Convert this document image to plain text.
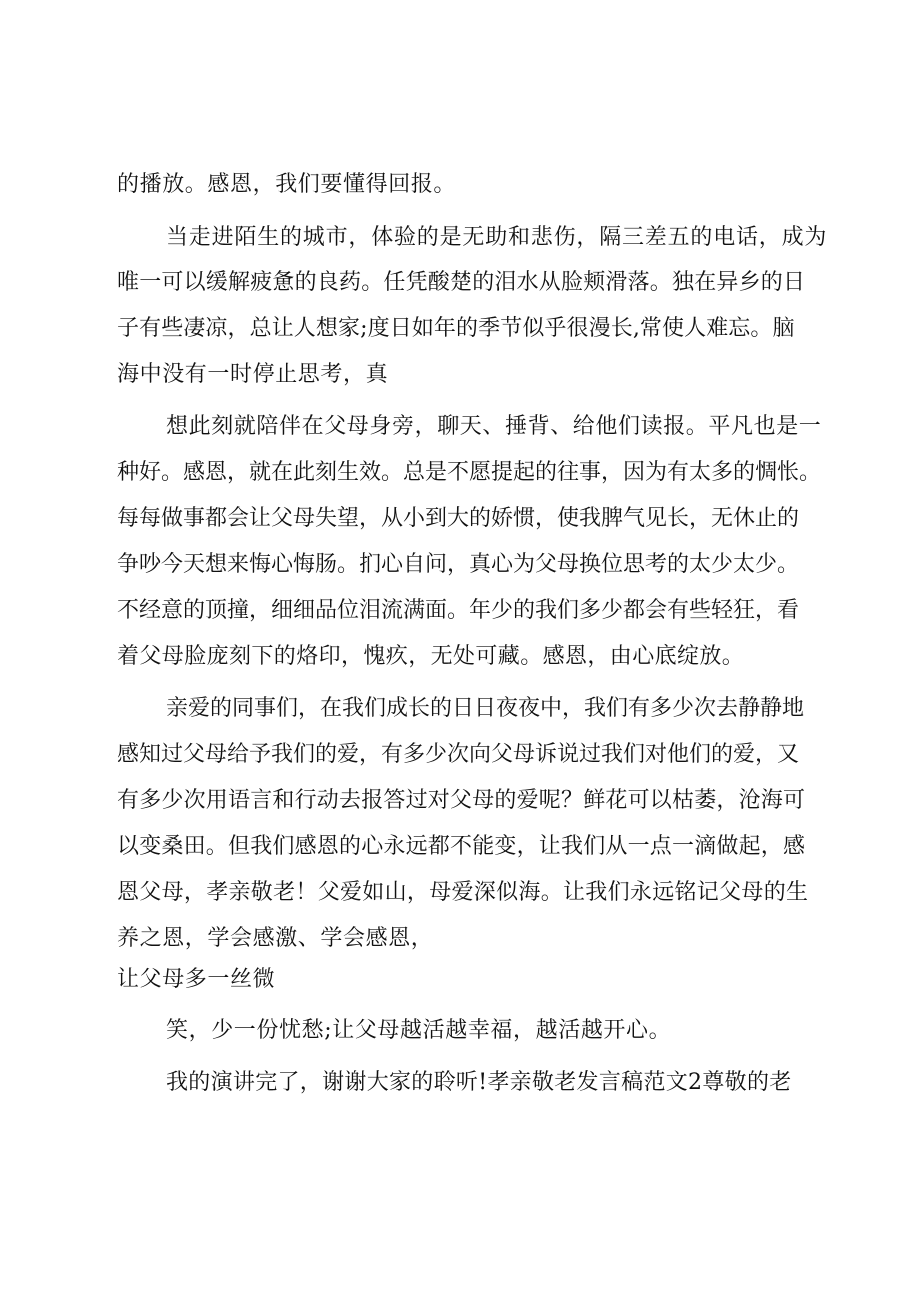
的播放。感恩，我们要懂得回报。
当走进陌生的城市，体验的是无助和悲伤，隔三差五的电话，成为
唯一可以缓解疲惫的良药。任凭酸楚的泪水从脸颊滑落。独在异乡的日
子有些凄凉，总让人想家;度日如年的季节似乎很漫长,常使人难忘。脑
海中没有一时停止思考，真
想此刻就陪伴在父母身旁，聊天、捶背、给他们读报。平凡也是一
种好。感恩，就在此刻生效。总是不愿提起的往事，因为有太多的惆怅。
每每做事都会让父母失望，从小到大的娇惯，使我脾气见长，无休止的
争吵今天想来悔心悔肠。扪心自问，真心为父母换位思考的太少太少。
不经意的顶撞，细细品位泪流满面。年少的我们多少都会有些轻狂，看
着父母脸庞刻下的烙印，愧疚，无处可藏。感恩，由心底绽放。
亲爱的同事们，在我们成长的日日夜夜中，我们有多少次去静静地
感知过父母给予我们的爱，有多少次向父母诉说过我们对他们的爱，又
有多少次用语言和行动去报答过对父母的爱呢？鲜花可以枯萎，沧海可
以变桑田。但我们感恩的心永远都不能变，让我们从一点一滴做起，感
恩父母，孝亲敬老！父爱如山，母爱深似海。让我们永远铭记父母的生
养之恩，学会感激、学会感恩，
让父母多一丝微
笑，少一份忧愁;让父母越活越幸福，越活越开心。
我的演讲完了，谢谢大家的聆听!孝亲敬老发言稿范文2尊敬的老
